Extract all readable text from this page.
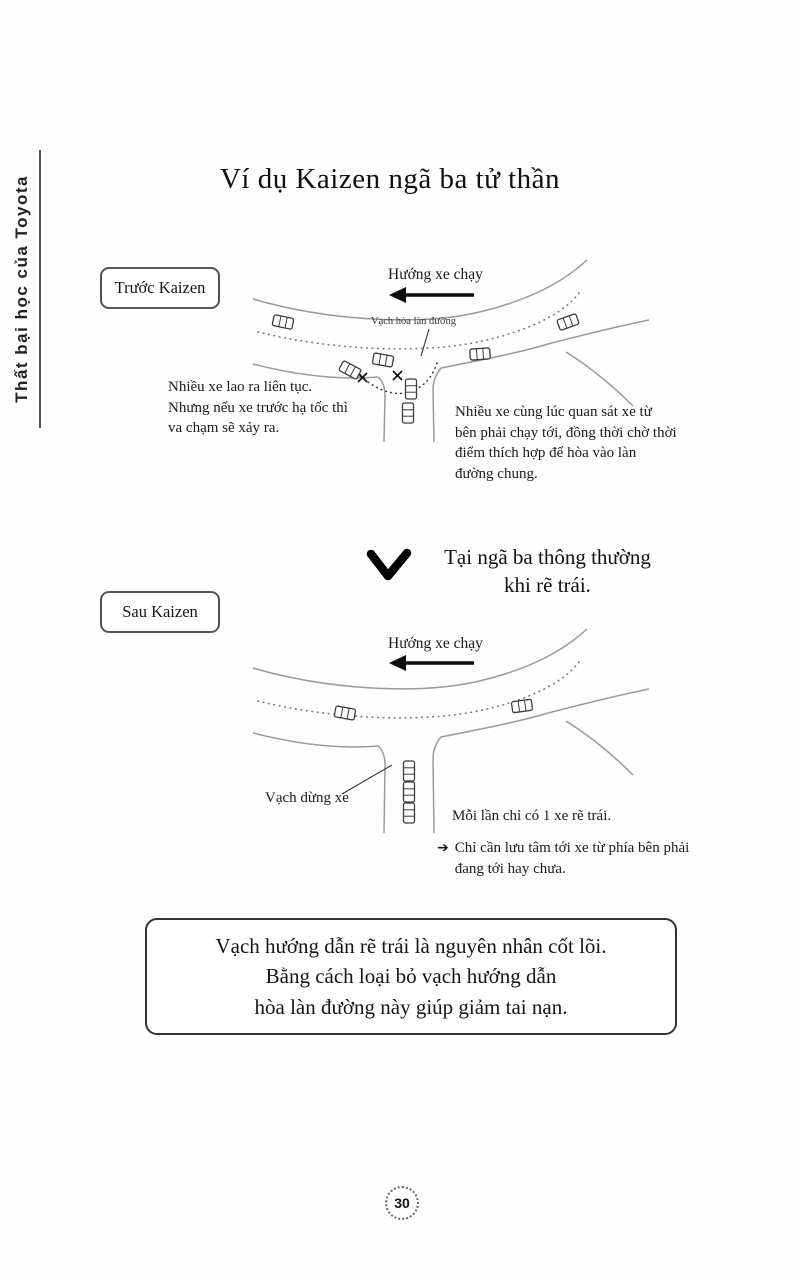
Thất bại học của Toyota	Ví dụ Kaizen ngã ba tử thần
Trước Kaizen
Hướng xe chạy
Vạch hòa làn đường
Nhiều xe lao ra liên tục. Nhưng nếu xe trước hạ tốc thì va chạm sẽ xảy ra.
Nhiều xe cùng lúc quan sát xe từ bên phải chạy tới, đồng thời chờ thời điểm thích hợp để hòa vào làn đường chung.
Tại ngã ba thông thường
khi rẽ trái.
Sau Kaizen
Hướng xe chạy
Vạch dừng xe
Mỗi lần chỉ có 1 xe rẽ trái.
➔ Chỉ cần lưu tâm tới xe từ phía bên phải đang tới hay chưa.
Vạch hướng dẫn rẽ trái là nguyên nhân cốt lõi.
Bằng cách loại bỏ vạch hướng dẫn
hòa làn đường này giúp giảm tai nạn.
30
